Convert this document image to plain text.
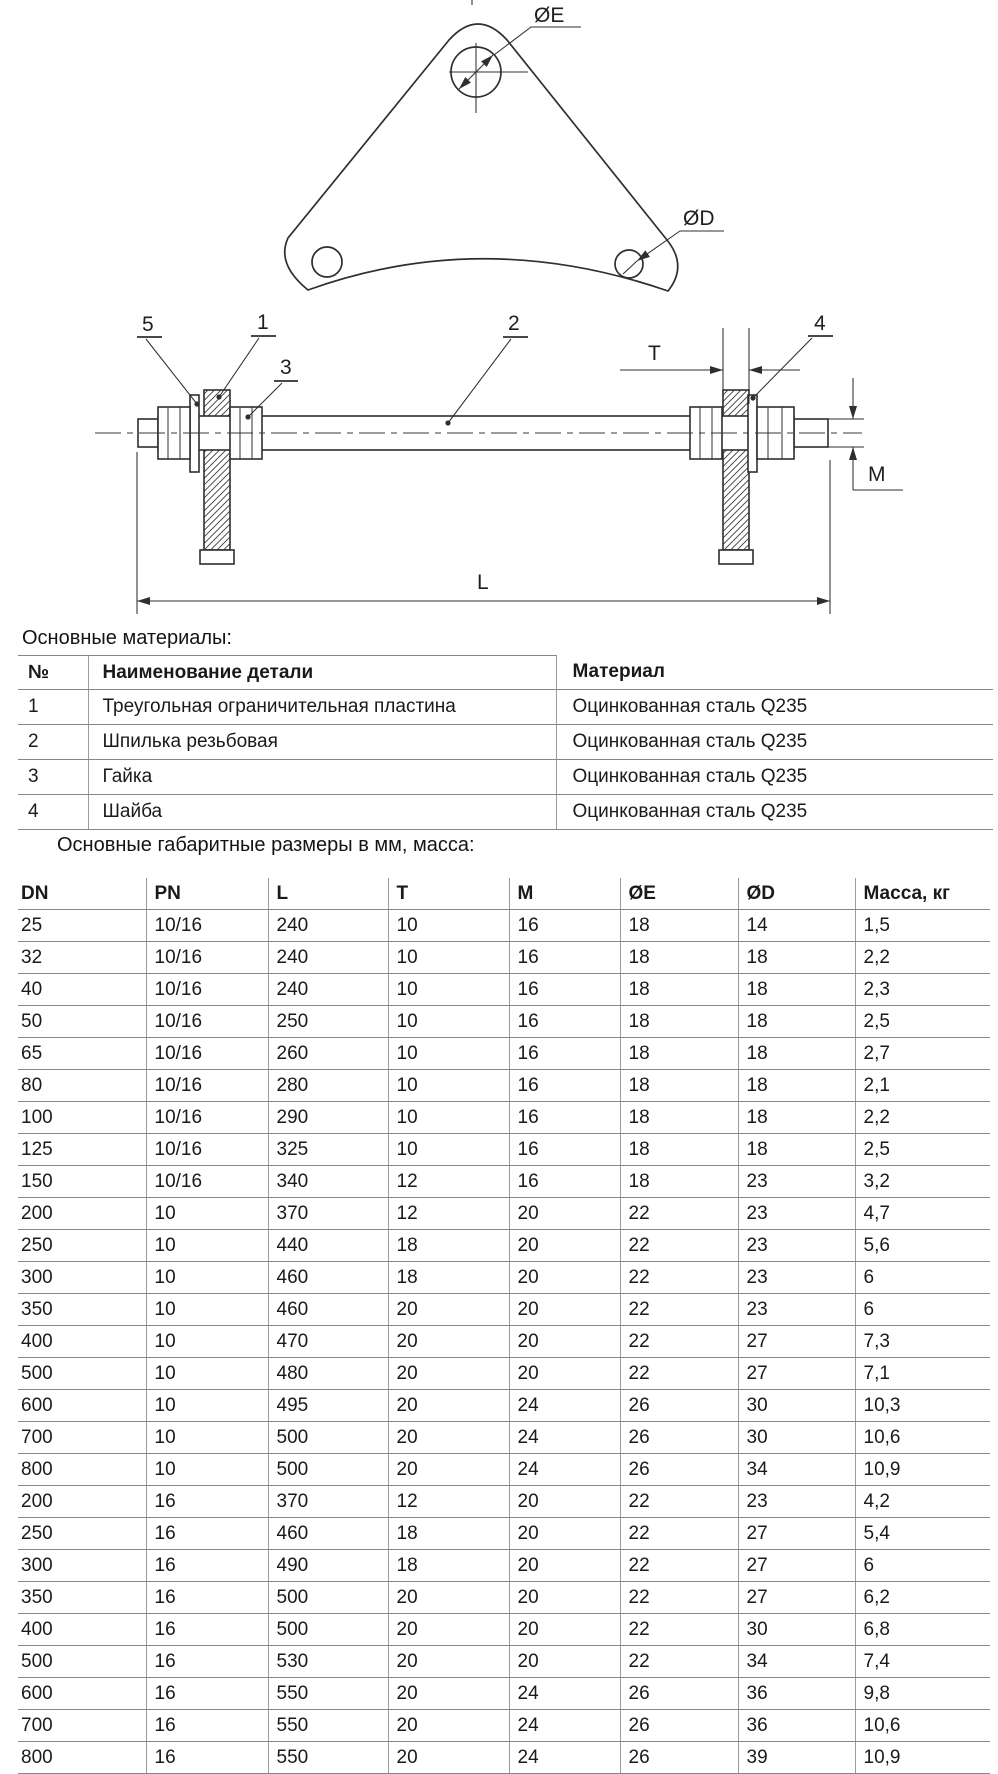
ØE
ØD
T
M
L
5	1
3
2	4
Основные материалы:
№	Наименование детали	Материал
1	Треугольная ограничительная пластина	Оцинкованная сталь Q235
2	Шпилька резьбовая	Оцинкованная сталь Q235
3	Гайка	Оцинкованная сталь Q235
4	Шайба	Оцинкованная сталь Q235
Основные габаритные размеры в мм, масса:
DN	PN	L	T	M	ØE	ØD	Масса, кг
25	10/16	240	10	16	18	14	1,5
32	10/16	240	10	16	18	18	2,2
40	10/16	240	10	16	18	18	2,3
50	10/16	250	10	16	18	18	2,5
65	10/16	260	10	16	18	18	2,7
80	10/16	280	10	16	18	18	2,1
100	10/16	290	10	16	18	18	2,2
125	10/16	325	10	16	18	18	2,5
150	10/16	340	12	16	18	23	3,2
200	10	370	12	20	22	23	4,7
250	10	440	18	20	22	23	5,6
300	10	460	18	20	22	23	6
350	10	460	20	20	22	23	6
400	10	470	20	20	22	27	7,3
500	10	480	20	20	22	27	7,1
600	10	495	20	24	26	30	10,3
700	10	500	20	24	26	30	10,6
800	10	500	20	24	26	34	10,9
200	16	370	12	20	22	23	4,2
250	16	460	18	20	22	27	5,4
300	16	490	18	20	22	27	6
350	16	500	20	20	22	27	6,2
400	16	500	20	20	22	30	6,8
500	16	530	20	20	22	34	7,4
600	16	550	20	24	26	36	9,8
700	16	550	20	24	26	36	10,6
800	16	550	20	24	26	39	10,9
